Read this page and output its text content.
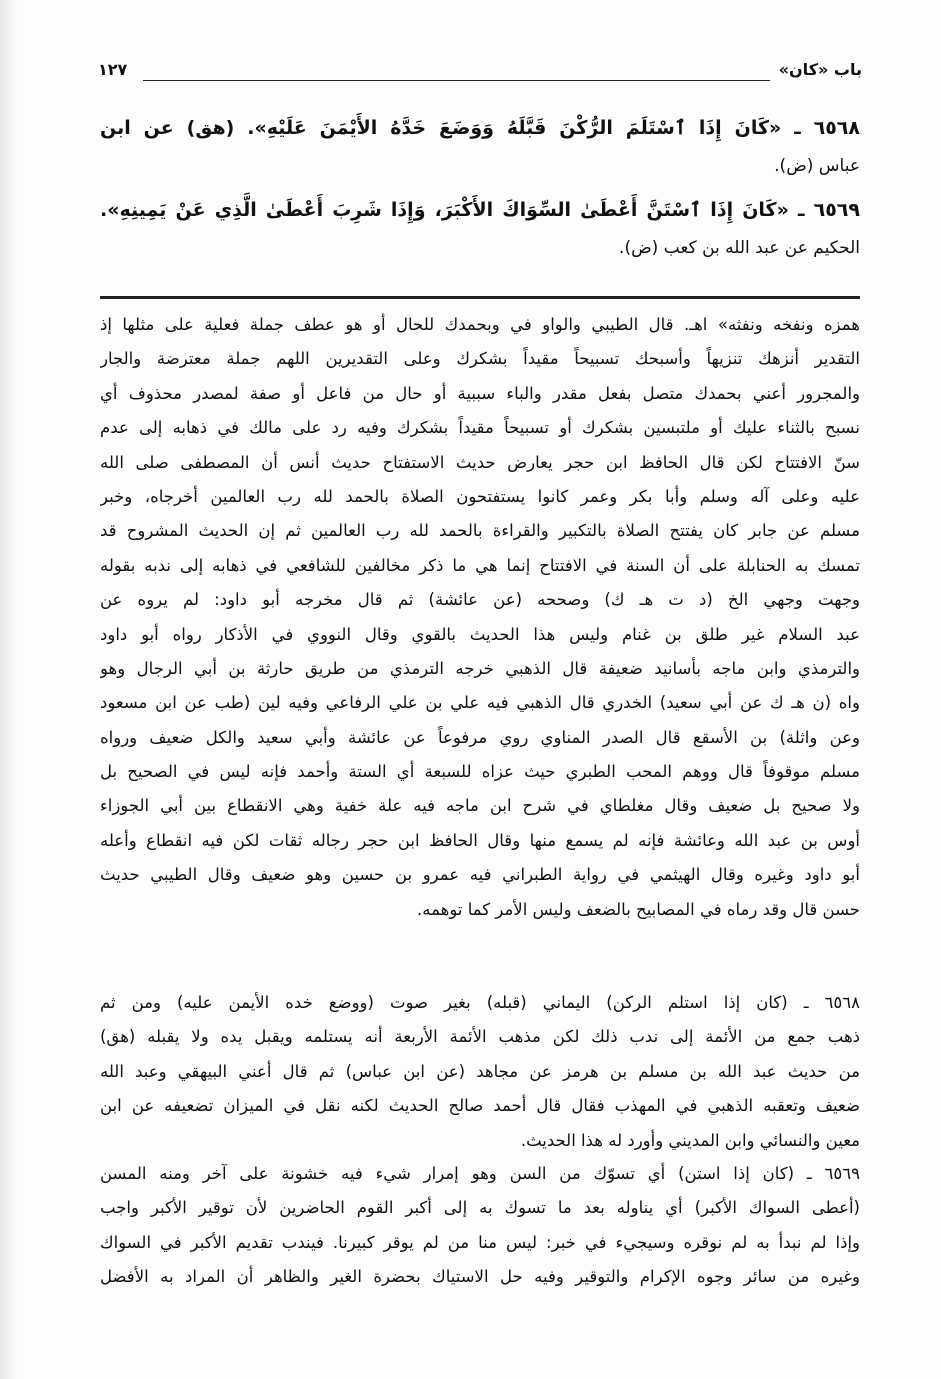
باب «كان»
١٢٧
٦٥٦٨ ـ «كَانَ إِذَا ٱسْتَلَمَ الرُّكْنَ قَبَّلَهُ وَوَضَعَ خَدَّهُ الأَيْمَنَ عَلَيْهِ». (هق) عن ابن
عباس (ض).
٦٥٦٩ ـ «كَانَ إِذَا ٱسْتَنَّ أَعْطَىٰ السِّوَاكَ الأَكْبَرَ، وَإِذَا شَرِبَ أَعْطَىٰ الَّذِي عَنْ يَمِينِهِ».
الحكيم عن عبد الله بن كعب (ض).
همزه ونفخه ونفثه» اهـ. قال الطيبي والواو في وبحمدك للحال أو هو عطف جملة فعلية على مثلها إذ
التقدير أنزهك تنزيهاً وأسبحك تسبيحاً مقيداً بشكرك وعلى التقديرين اللهم جملة معترضة والجار
والمجرور أعني بحمدك متصل بفعل مقدر والباء سببية أو حال من فاعل أو صفة لمصدر محذوف أي
نسبح بالثناء عليك أو ملتبسين بشكرك أو تسبيحاً مقيداً بشكرك وفيه رد على مالك في ذهابه إلى عدم
سنّ الافتتاح لكن قال الحافظ ابن حجر يعارض حديث الاستفتاح حديث أنس أن المصطفى صلى الله
عليه وعلى آله وسلم وأبا بكر وعمر كانوا يستفتحون الصلاة بالحمد لله رب العالمين أخرجاه، وخبر
مسلم عن جابر كان يفتتح الصلاة بالتكبير والقراءة بالحمد لله رب العالمين ثم إن الحديث المشروح قد
تمسك به الحنابلة على أن السنة في الافتتاح إنما هي ما ذكر مخالفين للشافعي في ذهابه إلى ندبه بقوله
وجهت وجهي الخ (د ت هـ ك) وصححه (عن عائشة) ثم قال مخرجه أبو داود: لم يروه عن
عبد السلام غير طلق بن غنام وليس هذا الحديث بالقوي وقال النووي في الأذكار رواه أبو داود
والترمذي وابن ماجه بأسانيد ضعيفة قال الذهبي خرجه الترمذي من طريق حارثة بن أبي الرجال وهو
واه (ن هـ ك عن أبي سعيد) الخدري قال الذهبي فيه علي بن علي الرفاعي وفيه لين (طب عن ابن مسعود
وعن واثلة) بن الأسقع قال الصدر المناوي روي مرفوعاً عن عائشة وأبي سعيد والكل ضعيف ورواه
مسلم موقوفاً قال ووهم المحب الطبري حيث عزاه للسبعة أي الستة وأحمد فإنه ليس في الصحيح بل
ولا صحيح بل ضعيف وقال مغلطاي في شرح ابن ماجه فيه علة خفية وهي الانقطاع بين أبي الجوزاء
أوس بن عبد الله وعائشة فإنه لم يسمع منها وقال الحافظ ابن حجر رجاله ثقات لكن فيه انقطاع وأعله
أبو داود وغيره وقال الهيثمي في رواية الطبراني فيه عمرو بن حسين وهو ضعيف وقال الطيبي حديث
حسن قال وقد رماه في المصابيح بالضعف وليس الأمر كما توهمه.
٦٥٦٨ ـ (كان إذا استلم الركن) اليماني (قبله) بغير صوت (ووضع خده الأيمن عليه) ومن ثم
ذهب جمع من الأئمة إلى ندب ذلك لكن مذهب الأئمة الأربعة أنه يستلمه ويقبل يده ولا يقبله (هق)
من حديث عبد الله بن مسلم بن هرمز عن مجاهد (عن ابن عباس) ثم قال أعني البيهقي وعبد الله
ضعيف وتعقبه الذهبي في المهذب فقال قال أحمد صالح الحديث لكنه نقل في الميزان تضعيفه عن ابن
معين والنسائي وابن المديني وأورد له هذا الحديث.
٦٥٦٩ ـ (كان إذا استن) أي تسوّك من السن وهو إمرار شيء فيه خشونة على آخر ومنه المسن
(أعطى السواك الأكبر) أي يناوله بعد ما تسوك به إلى أكبر القوم الحاضرين لأن توقير الأكبر واجب
وإذا لم نبدأ به لم نوقره وسيجيء في خبر: ليس منا من لم يوقر كبيرنا. فيندب تقديم الأكبر في السواك
وغيره من سائر وجوه الإكرام والتوقير وفيه حل الاستياك بحضرة الغير والظاهر أن المراد به الأفضل
